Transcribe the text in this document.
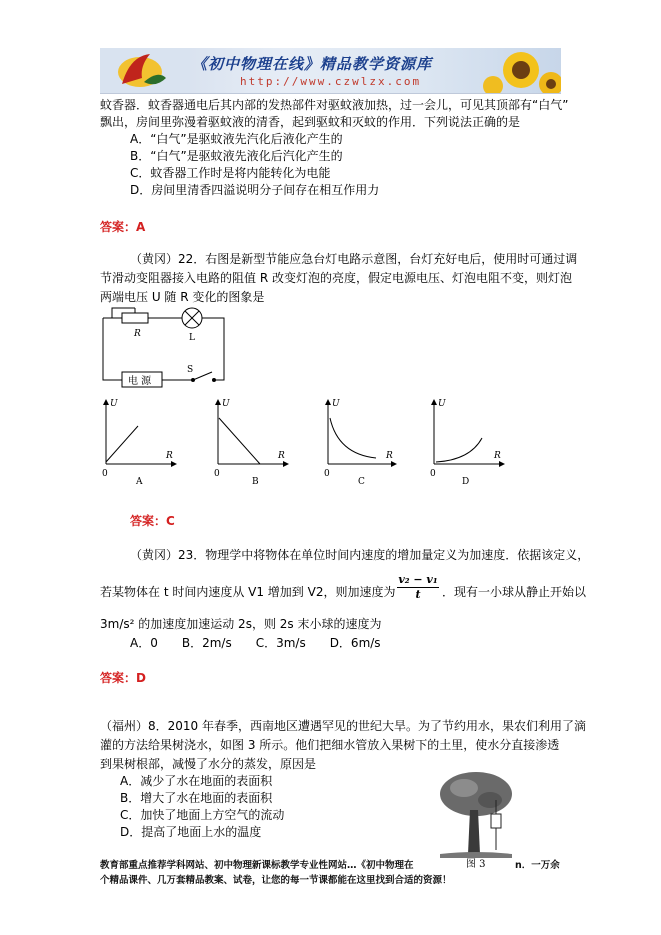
《初中物理在线》精品教学资源库
http://www.czwlzx.com
蚊香器．蚊香器通电后其内部的发热部件对驱蚊液加热，过一会儿，可见其顶部有“白气”
飘出，房间里弥漫着驱蚊液的清香，起到驱蚊和灭蚊的作用．下列说法正确的是
A．“白气”是驱蚊液先汽化后液化产生的
B．“白气”是驱蚊液先液化后汽化产生的
C．蚊香器工作时是将内能转化为电能
D．房间里清香四溢说明分子间存在相互作用力
答案：A
（黄冈）22．右图是新型节能应急台灯电路示意图，台灯充好电后，使用时可通过调
节滑动变阻器接入电路的阻值 R 改变灯泡的亮度，假定电源电压、灯泡电阻不变，则灯泡
两端电压 U 随 R 变化的图象是
R	L
S
电 源
U
R
0
A
U
R
0
B
U
R
0
C
U
R
0
D
答案：C
（黄冈）23．物理学中将物体在单位时间内速度的增加量定义为加速度．依据该定义，
若某物体在 t 时间内速度从 V1 增加到 V2，则加速度为 $\frac{\text{v₂ − v₁}}{t}$ ．现有一小球从静止开始以
3m/s² 的加速度加速运动 2s，则 2s 末小球的速度为
A．0　　B．2m/s　　C．3m/s　　D．6m/s
答案：D
（福州）8．2010 年春季，西南地区遭遇罕见的世纪大旱。为了节约用水，果农们利用了滴
灌的方法给果树浇水，如图 3 所示。他们把细水管放入果树下的土里，使水分直接渗透
到果树根部，减慢了水分的蒸发，原因是
A．减少了水在地面的表面积
B．增大了水在地面的表面积
C．加快了地面上方空气的流动
D．提高了地面上水的温度
图 3
教育部重点推荐学科网站、初中物理新课标教学专业性网站…《初中物理在	n．一万余
个精品课件、几万套精品教案、试卷，让您的每一节课都能在这里找到合适的资源！
